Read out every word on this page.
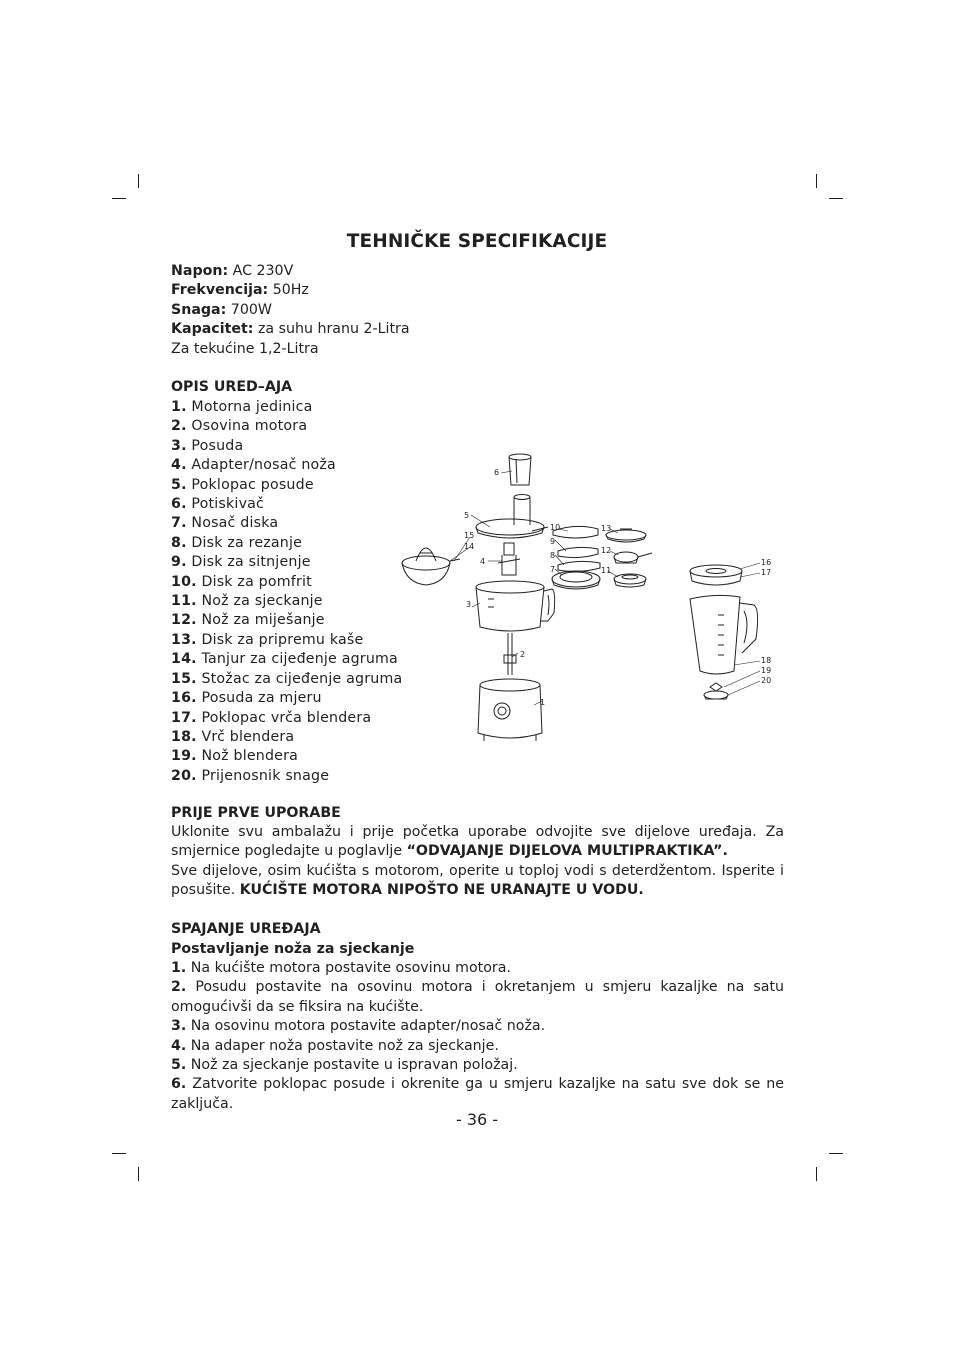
TEHNIČKE SPECIFIKACIJE
Napon: AC 230V
Frekvencija: 50Hz
Snaga: 700W
Kapacitet: za suhu hranu 2-Litra
Za tekućine 1,2-Litra
OPIS URED–AJA
1. Motorna jedinica
2. Osovina motora
3. Posuda
4. Adapter/nosač noža
5. Poklopac posude
6. Potiskivač
7. Nosač diska
8. Disk za rezanje
9. Disk za sitnjenje
10. Disk za pomfrit
11. Nož za sjeckanje
12. Nož za miješanje
13. Disk za pripremu kaše
14. Tanjur za cijeđenje agruma
15. Stožac za cijeđenje agruma
16. Posuda za mjeru
17. Poklopac vrča blendera
18. Vrč blendera
19. Nož blendera
20. Prijenosnik snage
6
5
4
3
2
1
15
14
10
9
8
7
13
12
11
16
17
18
19
20
PRIJE PRVE UPORABE

Uklonite svu ambalažu i prije početka uporabe odvojite sve dijelove uređaja. Za smjernice pogledajte u poglavlje “ODVAJANJE DIJELOVA MULTIPRAKTIKA”.

Sve dijelove, osim kućišta s motorom, operite u toploj vodi s deterdžentom. Isperite i posušite. KUĆIŠTE MOTORA NIPOŠTO NE URANAJTE U VODU.

SPAJANJE UREĐAJA
Postavljanje noža za sjeckanje
1. Na kućište motora postavite osovinu motora.
2. Posudu postavite na osovinu motora i okretanjem u smjeru kazaljke na satu omogućivši da se fiksira na kućište.
3. Na osovinu motora postavite adapter/nosač noža.
4. Na adaper noža postavite nož za sjeckanje.
5. Nož za sjeckanje postavite u ispravan položaj.
6. Zatvorite poklopac posude i okrenite ga u smjeru kazaljke na satu sve dok se ne zaključa.
- 36 -
